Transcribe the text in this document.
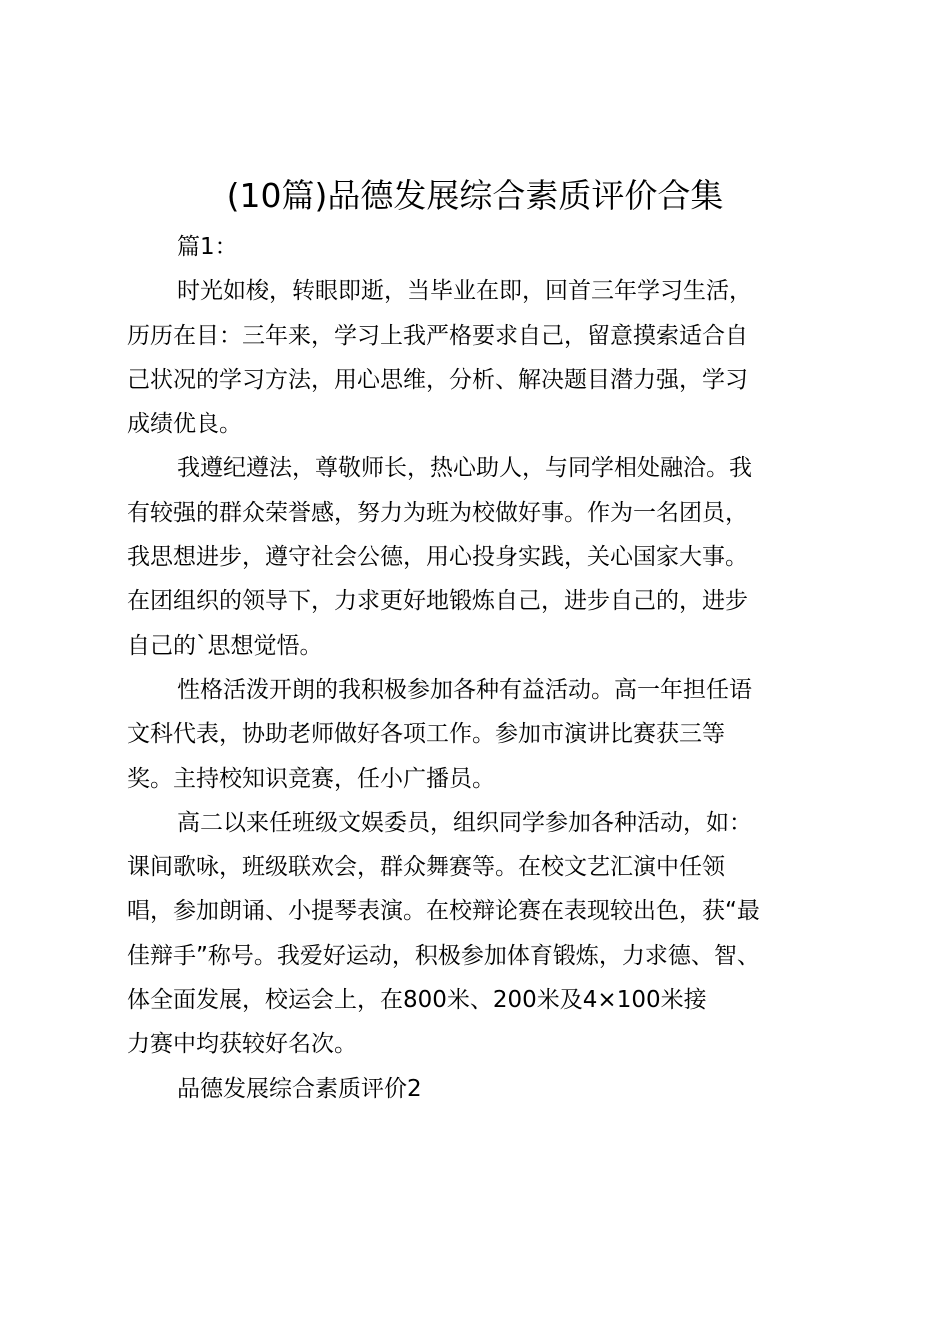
(10篇)品德发展综合素质评价合集

篇1：

时光如梭，转眼即逝，当毕业在即，回首三年学习生活，

历历在目：三年来，学习上我严格要求自己，留意摸索适合自

己状况的学习方法，用心思维，分析、解决题目潜力强，学习

成绩优良。

我遵纪遵法，尊敬师长，热心助人，与同学相处融洽。我

有较强的群众荣誉感，努力为班为校做好事。作为一名团员，

我思想进步，遵守社会公德，用心投身实践，关心国家大事。

在团组织的领导下，力求更好地锻炼自己，进步自己的，进步

自己的`思想觉悟。

性格活泼开朗的我积极参加各种有益活动。高一年担任语

文科代表，协助老师做好各项工作。参加市演讲比赛获三等

奖。主持校知识竞赛，任小广播员。

高二以来任班级文娱委员，组织同学参加各种活动，如：

课间歌咏，班级联欢会，群众舞赛等。在校文艺汇演中任领

唱，参加朗诵、小提琴表演。在校辩论赛在表现较出色，获“最

佳辩手”称号。我爱好运动，积极参加体育锻炼，力求德、智、

体全面发展，校运会上，在800米、200米及4×100米接

力赛中均获较好名次。

品德发展综合素质评价2
